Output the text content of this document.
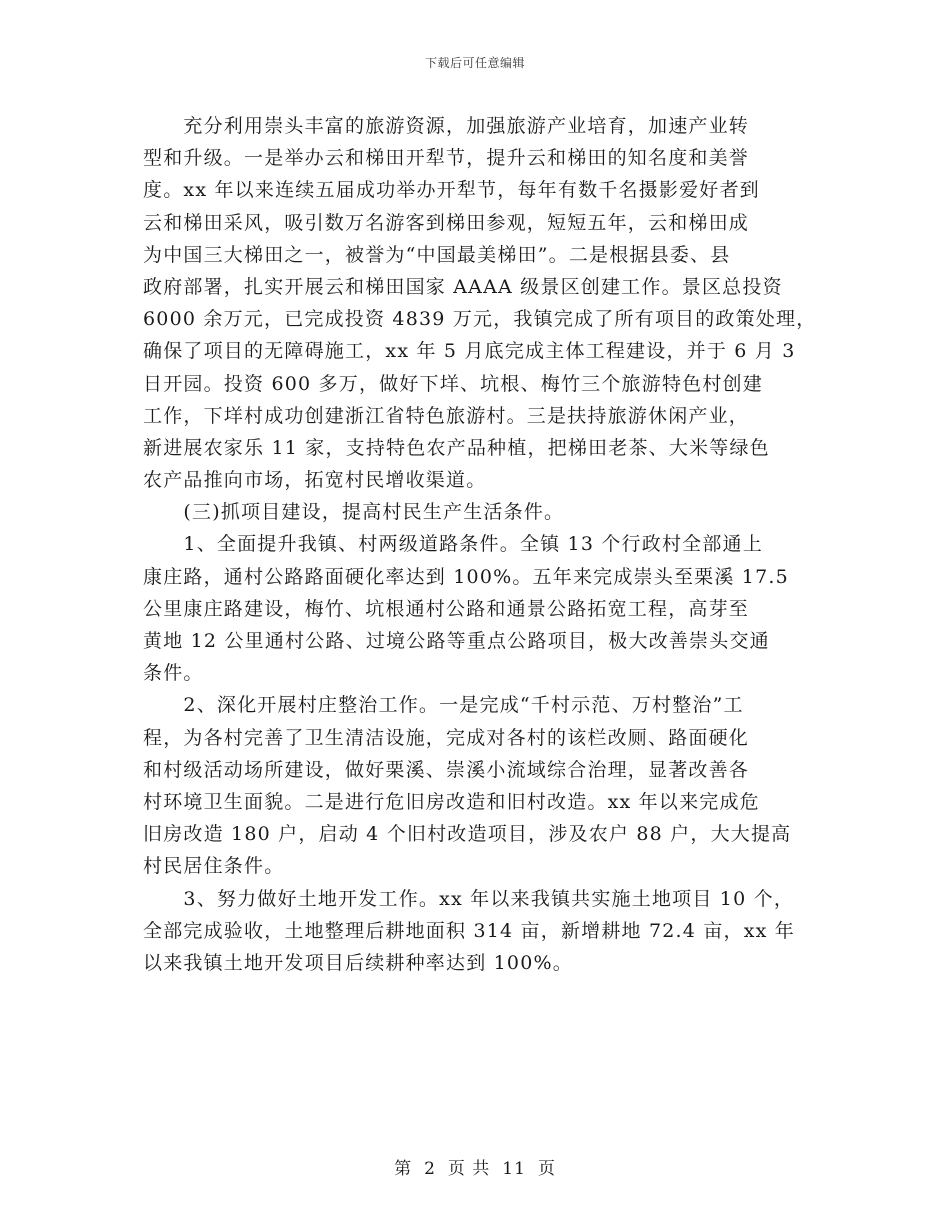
下载后可任意编辑
　　充分利用崇头丰富的旅游资源，加强旅游产业培育，加速产业转
型和升级。一是举办云和梯田开犁节，提升云和梯田的知名度和美誉
度。xx 年以来连续五届成功举办开犁节，每年有数千名摄影爱好者到
云和梯田采风，吸引数万名游客到梯田参观，短短五年，云和梯田成
为中国三大梯田之一，被誉为“中国最美梯田”。二是根据县委、县
政府部署，扎实开展云和梯田国家 AAAA 级景区创建工作。景区总投资
6000 余万元，已完成投资 4839 万元，我镇完成了所有项目的政策处理，
确保了项目的无障碍施工，xx 年 5 月底完成主体工程建设，并于 6 月 3
日开园。投资 600 多万，做好下垟、坑根、梅竹三个旅游特色村创建
工作，下垟村成功创建浙江省特色旅游村。三是扶持旅游休闲产业，
新进展农家乐 11 家，支持特色农产品种植，把梯田老茶、大米等绿色
农产品推向市场，拓宽村民增收渠道。
　　(三)抓项目建设，提高村民生产生活条件。
　　1、全面提升我镇、村两级道路条件。全镇 13 个行政村全部通上
康庄路，通村公路路面硬化率达到 100%。五年来完成崇头至栗溪 17.5
公里康庄路建设，梅竹、坑根通村公路和通景公路拓宽工程，高芽至
黄地 12 公里通村公路、过境公路等重点公路项目，极大改善崇头交通
条件。
　　2、深化开展村庄整治工作。一是完成“千村示范、万村整治”工
程，为各村完善了卫生清洁设施，完成对各村的该栏改厕、路面硬化
和村级活动场所建设，做好栗溪、崇溪小流域综合治理，显著改善各
村环境卫生面貌。二是进行危旧房改造和旧村改造。xx 年以来完成危
旧房改造 180 户，启动 4 个旧村改造项目，涉及农户 88 户，大大提高
村民居住条件。
　　3、努力做好土地开发工作。xx 年以来我镇共实施土地项目 10 个，
全部完成验收，土地整理后耕地面积 314 亩，新增耕地 72.4 亩，xx 年
以来我镇土地开发项目后续耕种率达到 100%。
第 2 页 共 11 页
